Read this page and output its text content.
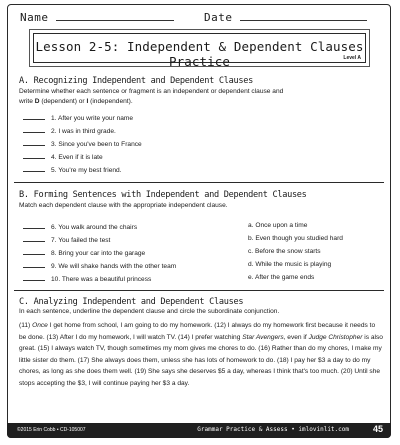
Name	Date
Lesson 2-5: Independent & Dependent Clauses Practice	Level A
A. Recognizing Independent and Dependent Clauses
Determine whether each sentence or fragment is an independent or dependent clause and
write D (dependent) or I (independent).
1. After you write your name
2. I was in third grade.
3. Since you've been to France
4. Even if it is late
5. You're my best friend.
B. Forming Sentences with Independent and Dependent Clauses
Match each dependent clause with the appropriate independent clause.
6. You walk around the chairs
7. You failed the test
8. Bring your car into the garage
9. We will shake hands with the other team
10. There was a beautiful princess
a. Once upon a time
b. Even though you studied hard
c. Before the snow starts
d. While the music is playing
e. After the game ends
C. Analyzing Independent and Dependent Clauses
In each sentence, underline the dependent clause and circle the subordinate conjunction.
(11) Once I get home from school, I am going to do my homework. (12) I always do my homework first because it needs to be done. (13) After I do my homework, I will watch TV. (14) I prefer watching Star Avengers, even if Judge Christopher is also great. (15) I always watch TV, though sometimes my mom gives me chores to do. (16) Rather than do my chores, I make my little sister do them. (17) She always does them, unless she has lots of homework to do. (18) I pay her $3 a day to do my chores, as long as she does them well. (19) She says she deserves $5 a day, whereas I think that's too much. (20) Until she stops accepting the $3, I will continue paying her $3 a day.
©2015 Erin Cobb • CD-105007	Grammar Practice & Assess • imlovinlit.com	45
